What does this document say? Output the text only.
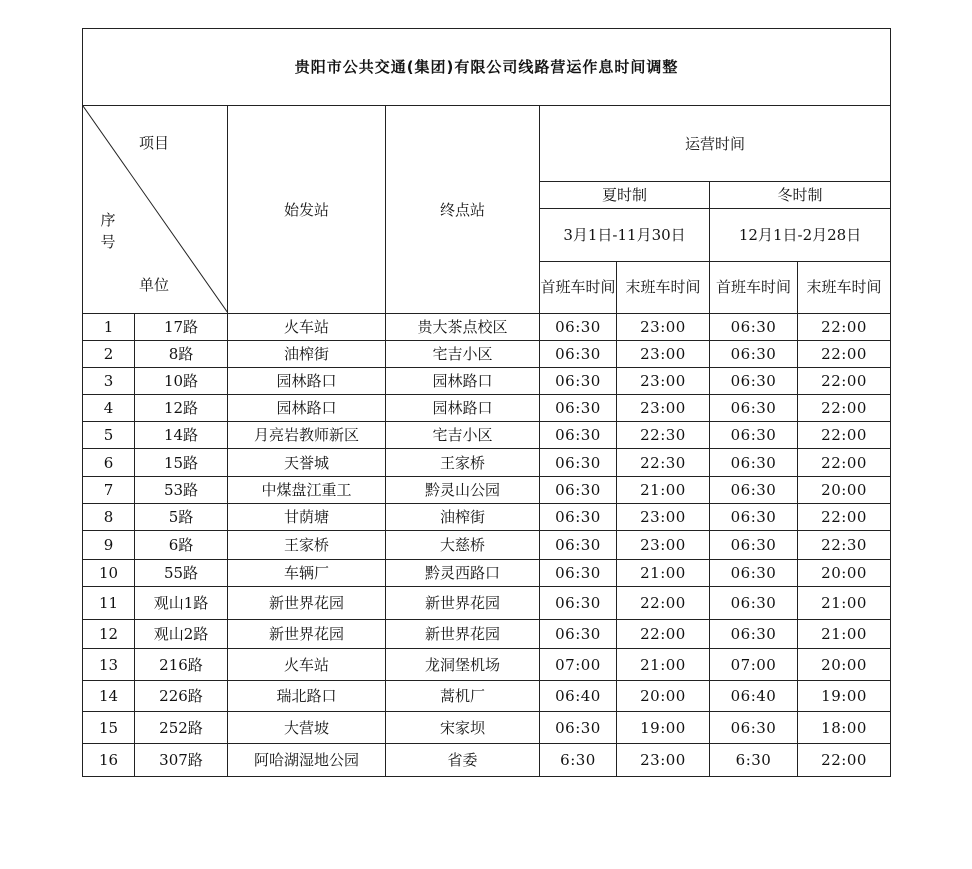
贵阳市公共交通(集团)有限公司线路营运作息时间调整							

项目
序号
单位		始发站	终点站	运营时间			
				夏时制		冬时制	
				3月1日-11月30日		12月1日-2月28日	
				首班车时间	末班车时间	首班车时间	末班车时间
1	17路	火车站	贵大茶点校区	06:30	23:00	06:30	22:00
2	8路	油榨街	宅吉小区	06:30	23:00	06:30	22:00
3	10路	园林路口	园林路口	06:30	23:00	06:30	22:00
4	12路	园林路口	园林路口	06:30	23:00	06:30	22:00
5	14路	月亮岩教师新区	宅吉小区	06:30	22:30	06:30	22:00
6	15路	天誉城	王家桥	06:30	22:30	06:30	22:00
7	53路	中煤盘江重工	黔灵山公园	06:30	21:00	06:30	20:00
8	5路	甘荫塘	油榨街	06:30	23:00	06:30	22:00
9	6路	王家桥	大慈桥	06:30	23:00	06:30	22:30
10	55路	车辆厂	黔灵西路口	06:30	21:00	06:30	20:00
11	观山1路	新世界花园	新世界花园	06:30	22:00	06:30	21:00
12	观山2路	新世界花园	新世界花园	06:30	22:00	06:30	21:00
13	216路	火车站	龙洞堡机场	07:00	21:00	07:00	20:00
14	226路	瑞北路口	蒿机厂	06:40	20:00	06:40	19:00
15	252路	大营坡	宋家坝	06:30	19:00	06:30	18:00
16	307路	阿哈湖湿地公园	省委	6:30	23:00	6:30	22:00
